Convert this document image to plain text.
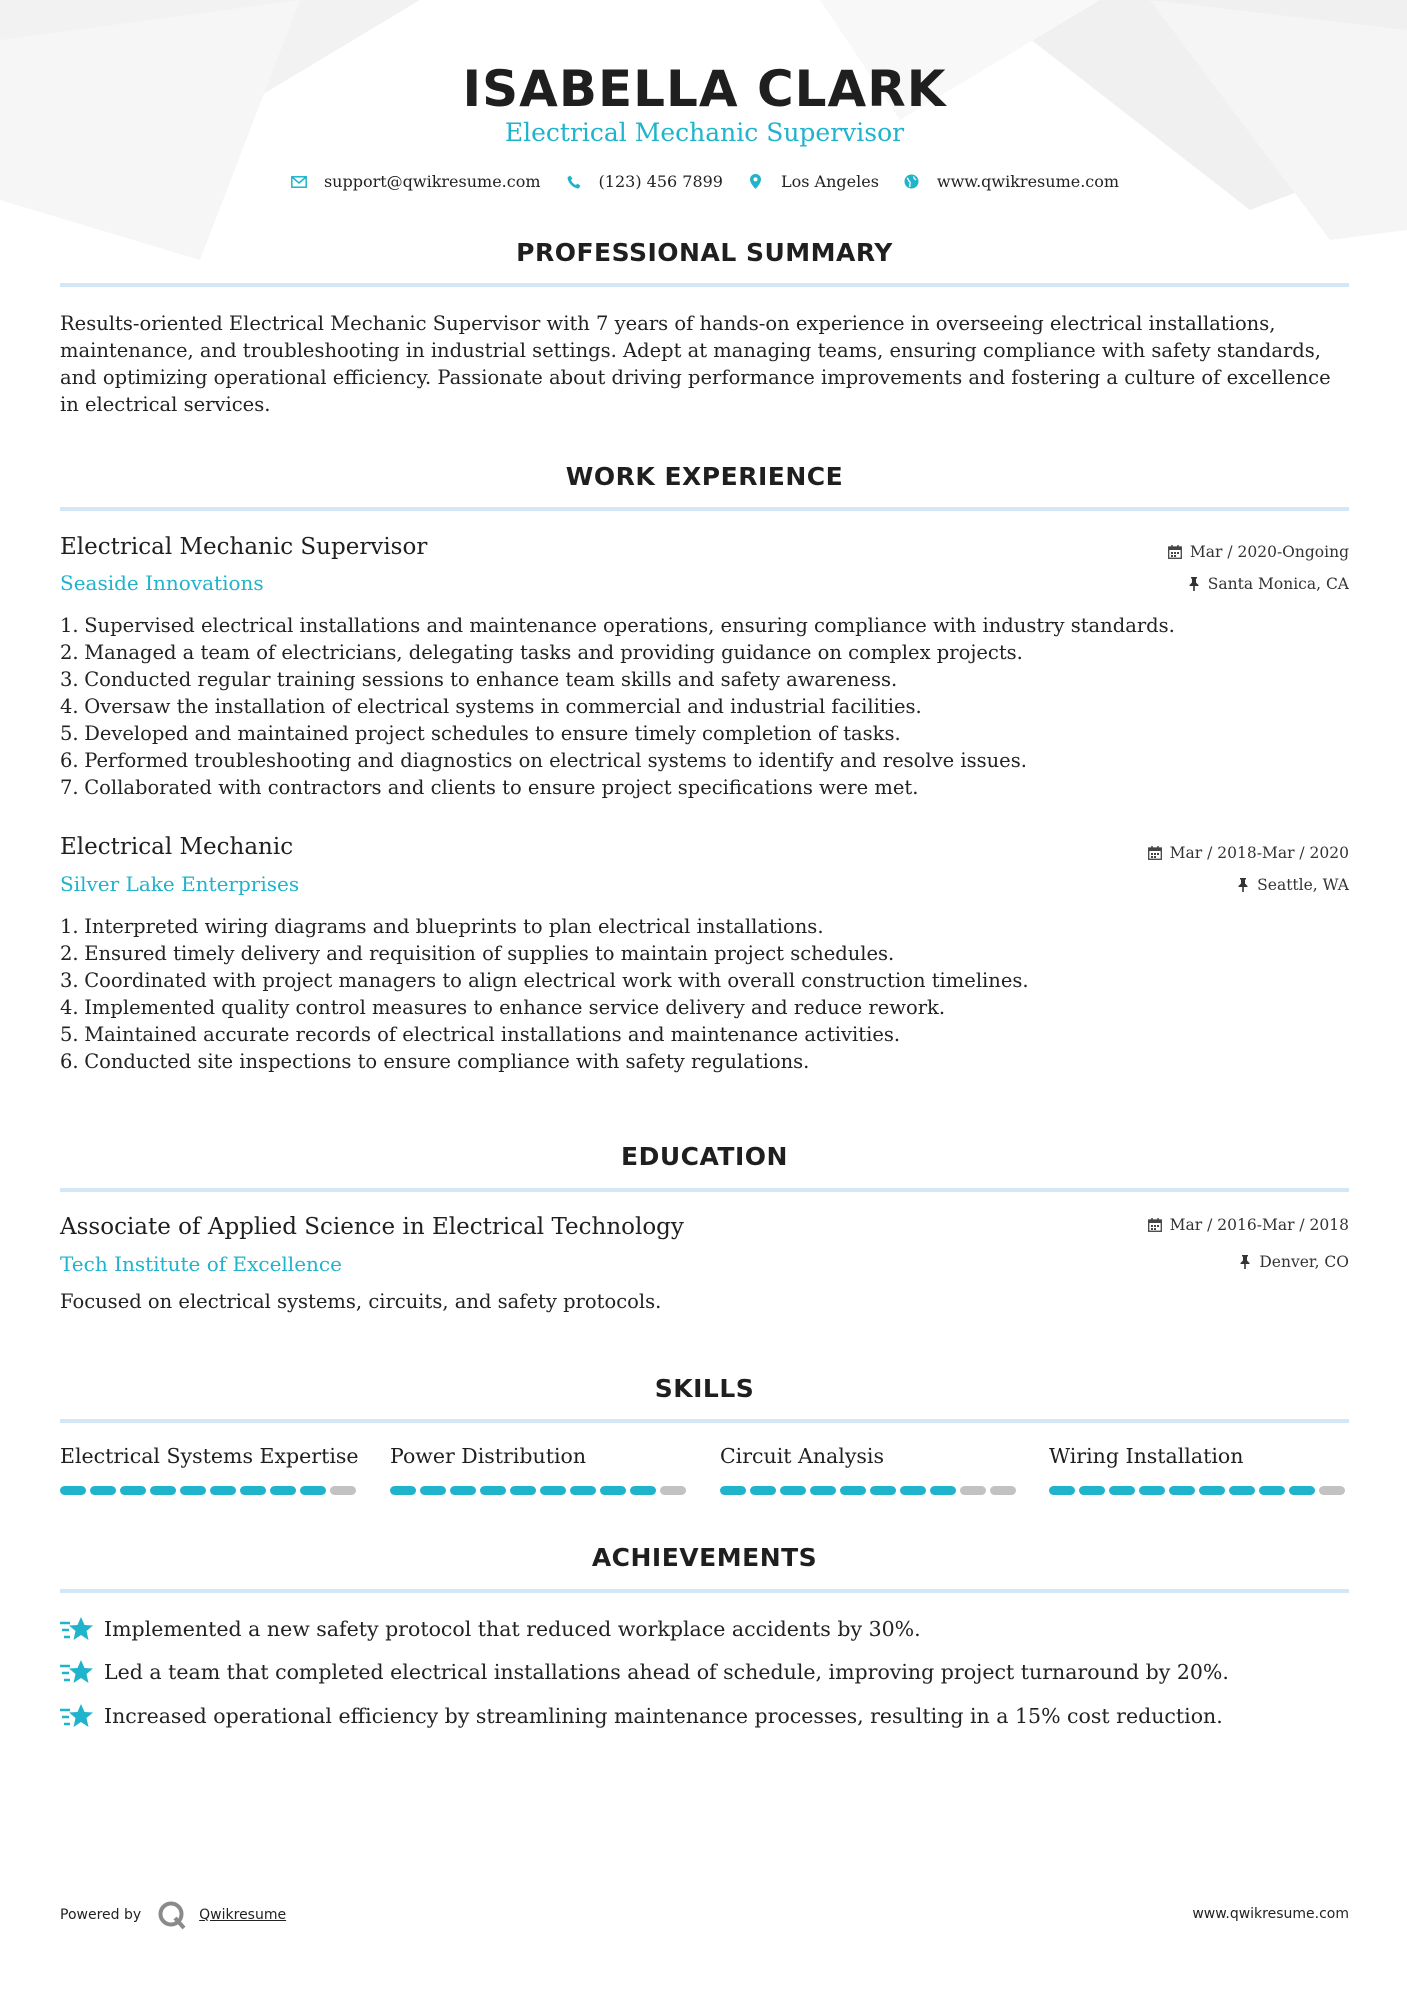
ISABELLA CLARK
Electrical Mechanic Supervisor
support@qwikresume.com	(123) 456 7899	Los Angeles	www.qwikresume.com
PROFESSIONAL SUMMARY
Results-oriented Electrical Mechanic Supervisor with 7 years of hands-on experience in overseeing electrical installations, maintenance, and troubleshooting in industrial settings. Adept at managing teams, ensuring compliance with safety standards, and optimizing operational efficiency. Passionate about driving performance improvements and fostering a culture of excellence in electrical services.
WORK EXPERIENCE
Electrical Mechanic Supervisor
Seaside Innovations
Mar / 2020-Ongoing
Santa Monica, CA
1.
Supervised electrical installations and maintenance operations, ensuring compliance with industry standards.
2.
Managed a team of electricians, delegating tasks and providing guidance on complex projects.
3.
Conducted regular training sessions to enhance team skills and safety awareness.
4.
Oversaw the installation of electrical systems in commercial and industrial facilities.
5.
Developed and maintained project schedules to ensure timely completion of tasks.
6.
Performed troubleshooting and diagnostics on electrical systems to identify and resolve issues.
7.
Collaborated with contractors and clients to ensure project specifications were met.
Electrical Mechanic
Silver Lake Enterprises
Mar / 2018-Mar / 2020
Seattle, WA
1.
Interpreted wiring diagrams and blueprints to plan electrical installations.
2.
Ensured timely delivery and requisition of supplies to maintain project schedules.
3.
Coordinated with project managers to align electrical work with overall construction timelines.
4.
Implemented quality control measures to enhance service delivery and reduce rework.
5.
Maintained accurate records of electrical installations and maintenance activities.
6.
Conducted site inspections to ensure compliance with safety regulations.
EDUCATION
Associate of Applied Science in Electrical Technology
Tech Institute of Excellence
Mar / 2016-Mar / 2018
Denver, CO
Focused on electrical systems, circuits, and safety protocols.
SKILLS
Electrical Systems Expertise Power Distribution	Circuit Analysis	Wiring Installation
ACHIEVEMENTS
Implemented a new safety protocol that reduced workplace accidents by 30%.
Led a team that completed electrical installations ahead of schedule, improving project turnaround by 20%.
Increased operational efficiency by streamlining maintenance processes, resulting in a 15% cost reduction.
Powered by	Qwikresume	www.qwikresume.com
